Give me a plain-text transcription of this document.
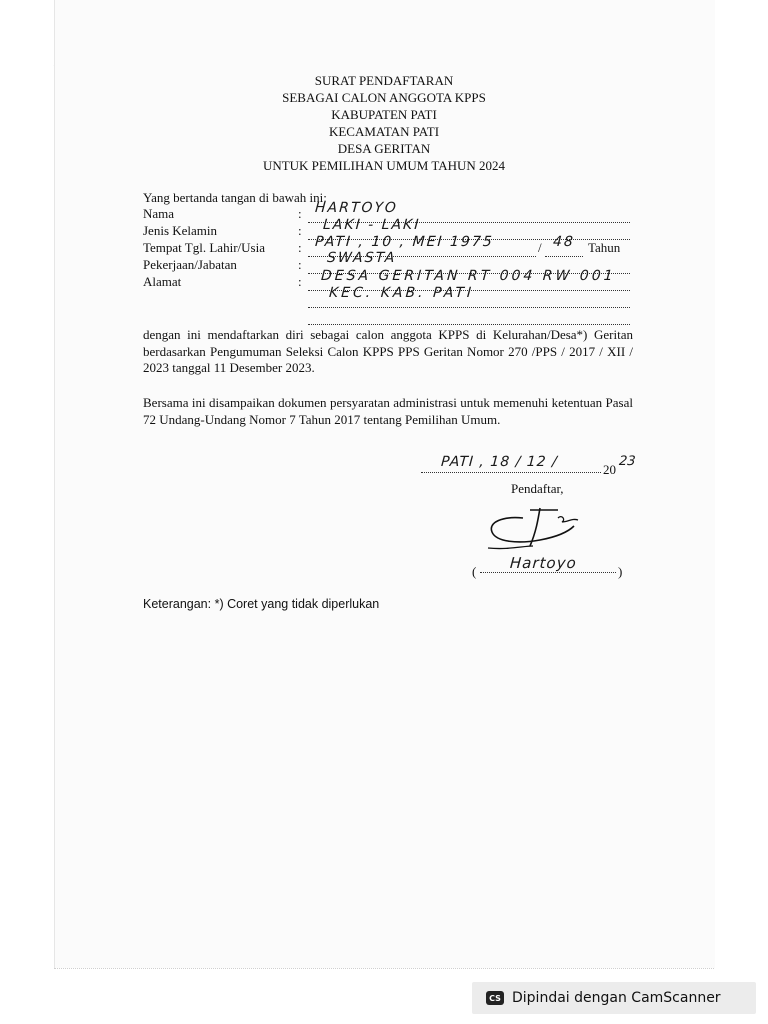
SURAT PENDAFTARAN
SEBAGAI CALON ANGGOTA KPPS
KABUPATEN PATI
KECAMATAN PATI
DESA GERITAN
UNTUK PEMILIHAN UMUM TAHUN 2024
Yang bertanda tangan di bawah ini:
Nama	: HARTOYO
Jenis Kelamin	: LAKI - LAKI
Tempat Tgl. Lahir/Usia	: PATI , 10 , MEI 1975	/ 48 Tahun
Pekerjaan/Jabatan	: SWASTA
Alamat	: DESA GERITAN RT 004 RW 001
KEC. KAB. PATI
dengan ini mendaftarkan diri sebagai calon anggota KPPS di Kelurahan/Desa*) Geritan berdasarkan Pengumuman Seleksi Calon KPPS PPS Geritan Nomor 270 /PPS / 2017 / XII / 2023 tanggal 11 Desember 2023.
Bersama ini disampaikan dokumen persyaratan administrasi untuk memenuhi ketentuan Pasal 72 Undang-Undang Nomor 7 Tahun 2017 tentang Pemilihan Umum.
PATI , 18 / 12 /	20
23
Pendaftar,
( Hartoyo	)
Keterangan: *) Coret yang tidak diperlukan
CS Dipindai dengan CamScanner
